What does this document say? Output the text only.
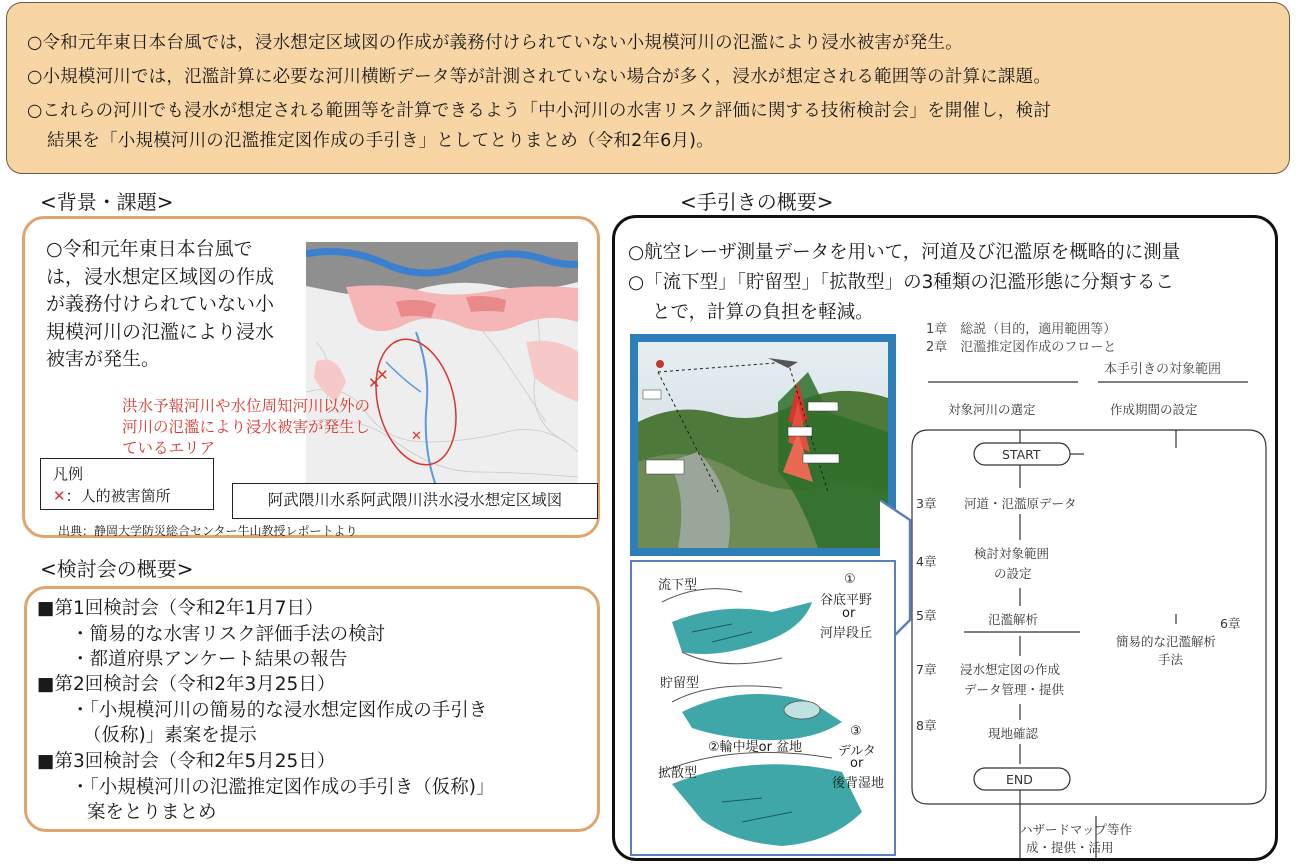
○令和元年東日本台風では，浸水想定区域図の作成が義務付けられていない小規模河川の氾濫により浸水被害が発生。
○小規模河川では，氾濫計算に必要な河川横断データ等が計測されていない場合が多く，浸水が想定される範囲等の計算に課題。
○これらの河川でも浸水が想定される範囲等を計算できるよう「中小河川の水害リスク評価に関する技術検討会」を開催し，検討
結果を「小規模河川の氾濫推定図作成の手引き」としてとりまとめ（令和2年6月)。
<背景・課題>	<手引きの概要>
<検討会の概要>
○令和元年東日本台風では，浸水想定区域図の作成が義務付けられていない小規模河川の氾濫により浸水被害が発生。
✕
✕
✕
洪水予報河川や水位周知河川以外の河川の氾濫により浸水被害が発生しているエリア
凡例
✕：人的被害箇所	阿武隈川水系阿武隈川洪水浸水想定区域図
出典：静岡大学防災総合センター牛山教授レポートより
■第1回検討会（令和2年1月7日）
・簡易的な水害リスク評価手法の検討
・都道府県アンケート結果の報告
■第2回検討会（令和2年3月25日）
・「小規模河川の簡易的な浸水想定図作成の手引き
（仮称)」素案を提示
■第3回検討会（令和2年5月25日）
・「小規模河川の氾濫推定図作成の手引き（仮称)」
案をとりまとめ
○航空レーザ測量データを用いて，河道及び氾濫原を概略的に測量
○「流下型」「貯留型」「拡散型」の3種類の氾濫形態に分類するこ
とで，計算の負担を軽減。
流下型	①
谷底平野
or
河岸段丘
貯留型
②輪中堤or 盆地
③
デルタ
or
後背湿地
拡散型
1章　総説（目的，適用範囲等）
2章　氾濫推定図作成のフローと
本手引きの対象範囲
対象河川の選定	作成期間の設定
START
3章 河道・氾濫原データ
4章
検討対象範囲
の設定
5章	氾濫解析	6章
簡易的な氾濫解析
手法
7章 浸水想定図の作成
データ管理・提供
8章
現地確認
END
ハザードマップ等作
成・提供・活用
